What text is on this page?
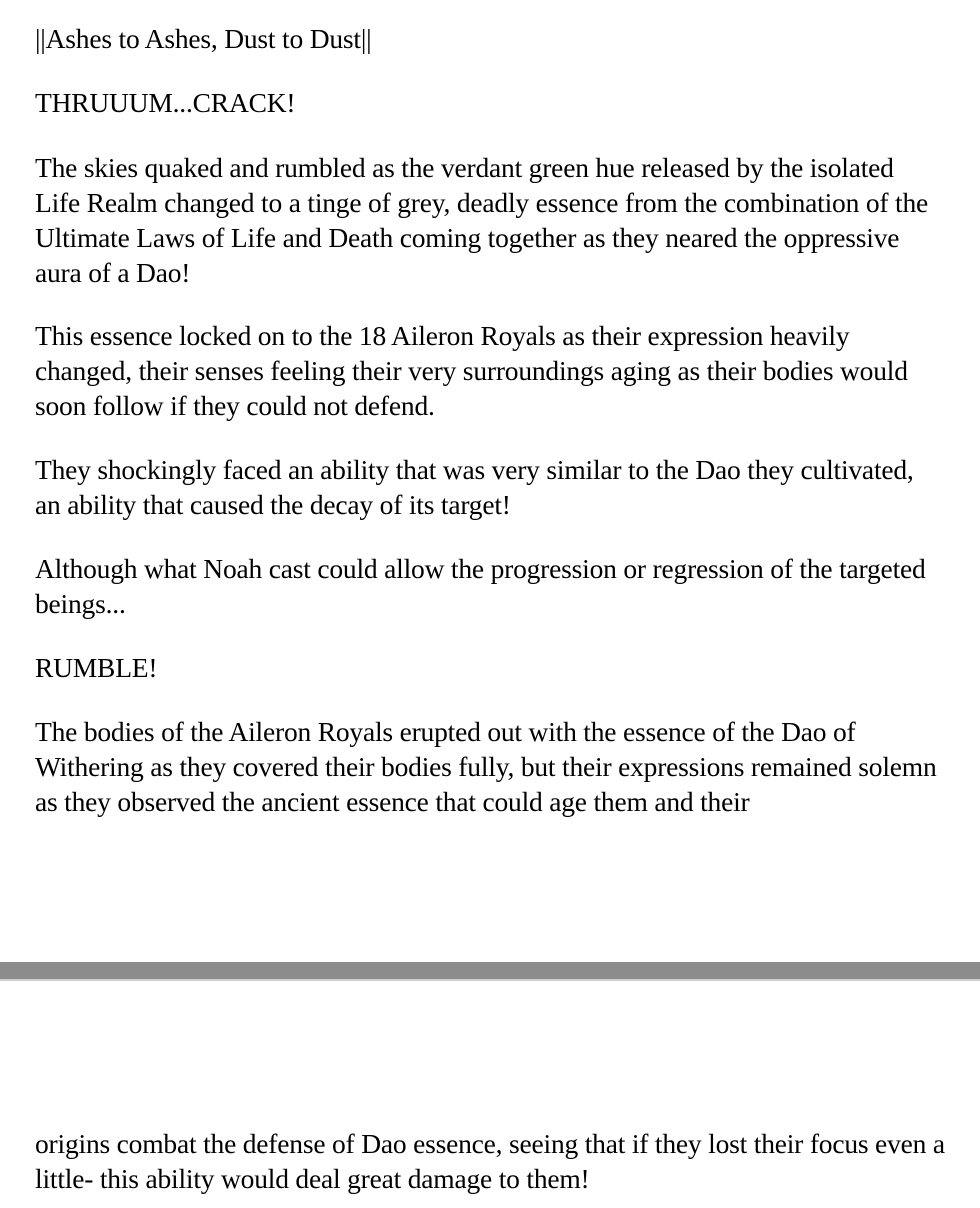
||Ashes to Ashes, Dust to Dust||

THRUUUM...CRACK!

The skies quaked and rumbled as the verdant green hue released by the isolated Life Realm changed to a tinge of grey, deadly essence from the combination of the Ultimate Laws of Life and Death coming together as they neared the oppressive aura of a Dao!

This essence locked on to the 18 Aileron Royals as their expression heavily changed, their senses feeling their very surroundings aging as their bodies would soon follow if they could not defend.

They shockingly faced an ability that was very similar to the Dao they cultivated, an ability that caused the decay of its target!

Although what Noah cast could allow the progression or regression of the targeted beings...

RUMBLE!

The bodies of the Aileron Royals erupted out with the essence of the Dao of Withering as they covered their bodies fully, but their expressions remained solemn as they observed the ancient essence that could age them and their

origins combat the defense of Dao essence, seeing that if they lost their focus even a little- this ability would deal great damage to them!
